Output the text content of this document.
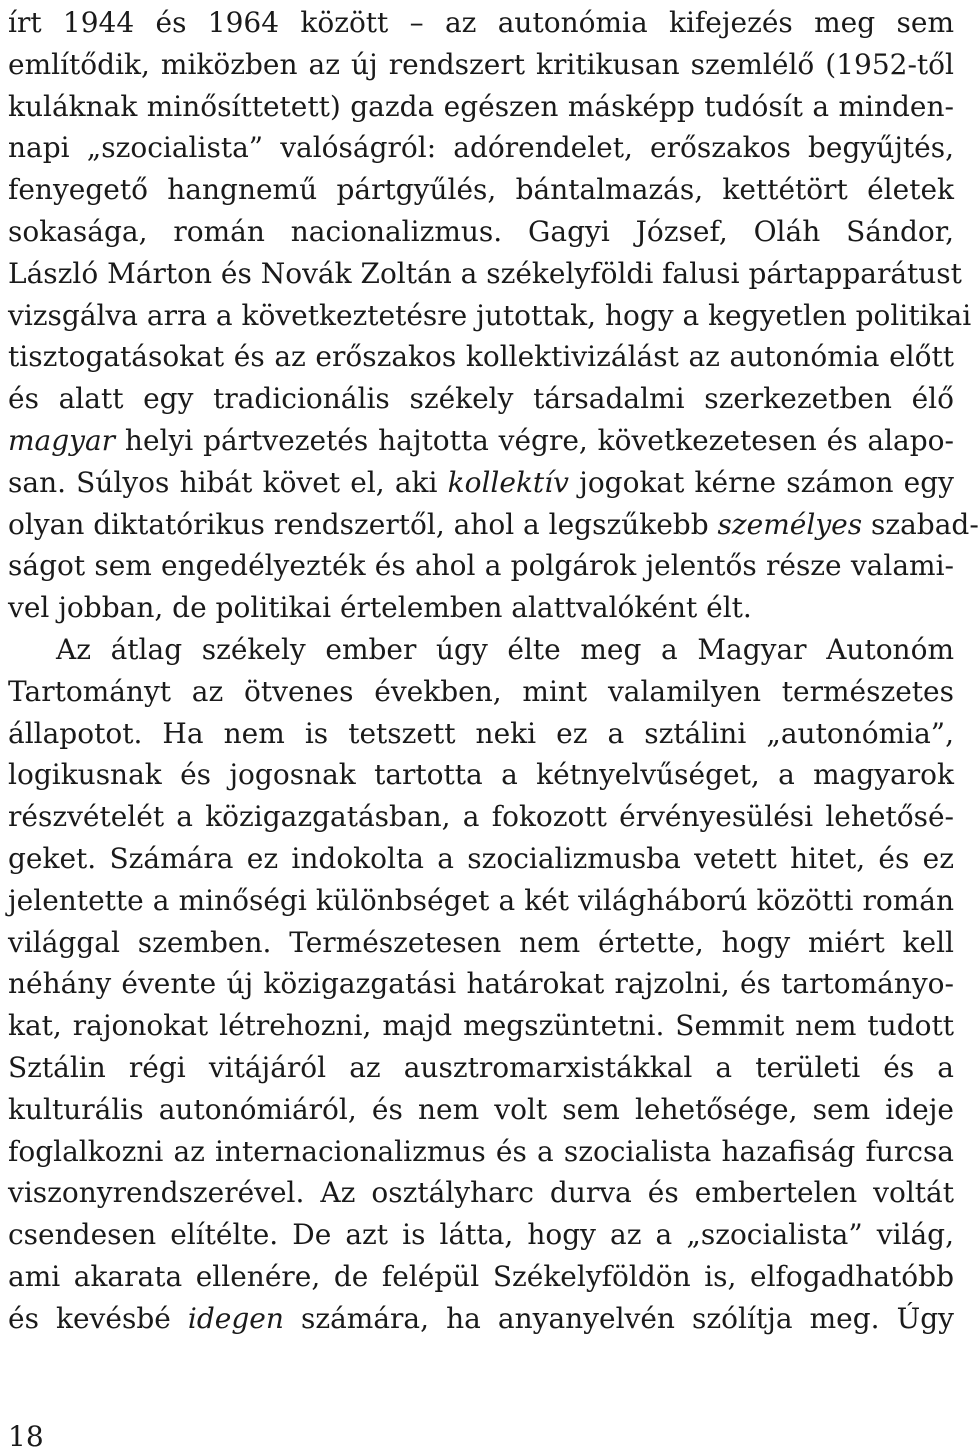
írt 1944 és 1964 között – az autonómia kifejezés meg sem
említődik, miközben az új rendszert kritikusan szemlélő (1952-től
kuláknak minősíttetett) gazda egészen másképp tudósít a minden-
napi „szocialista” valóságról: adórendelet, erőszakos begyűjtés,
fenyegető hangnemű pártgyűlés, bántalmazás, kettétört életek
sokasága, román nacionalizmus. Gagyi József, Oláh Sándor,
László Márton és Novák Zoltán a székelyföldi falusi pártapparátust
vizsgálva arra a következtetésre jutottak, hogy a kegyetlen politikai
tisztogatásokat és az erőszakos kollektivizálást az autonómia előtt
és alatt egy tradicionális székely társadalmi szerkezetben élő
magyar helyi pártvezetés hajtotta végre, következetesen és alapo-
san. Súlyos hibát követ el, aki kollektív jogokat kérne számon egy
olyan diktatórikus rendszertől, ahol a legszűkebb személyes szabad-
ságot sem engedélyezték és ahol a polgárok jelentős része valami-
vel jobban, de politikai értelemben alattvalóként élt.
Az átlag székely ember úgy élte meg a Magyar Autonóm
Tartományt az ötvenes években, mint valamilyen természetes
állapotot. Ha nem is tetszett neki ez a sztálini „autonómia”,
logikusnak és jogosnak tartotta a kétnyelvűséget, a magyarok
részvételét a közigazgatásban, a fokozott érvényesülési lehetősé-
geket. Számára ez indokolta a szocializmusba vetett hitet, és ez
jelentette a minőségi különbséget a két világháború közötti román
világgal szemben. Természetesen nem értette, hogy miért kell
néhány évente új közigazgatási határokat rajzolni, és tartományo-
kat, rajonokat létrehozni, majd megszüntetni. Semmit nem tudott
Sztálin régi vitájáról az ausztromarxistákkal a területi és a
kulturális autonómiáról, és nem volt sem lehetősége, sem ideje
foglalkozni az internacionalizmus és a szocialista hazafiság furcsa
viszonyrendszerével. Az osztályharc durva és embertelen voltát
csendesen elítélte. De azt is látta, hogy az a „szocialista” világ,
ami akarata ellenére, de felépül Székelyföldön is, elfogadhatóbb
és kevésbé idegen számára, ha anyanyelvén szólítja meg. Úgy
18
